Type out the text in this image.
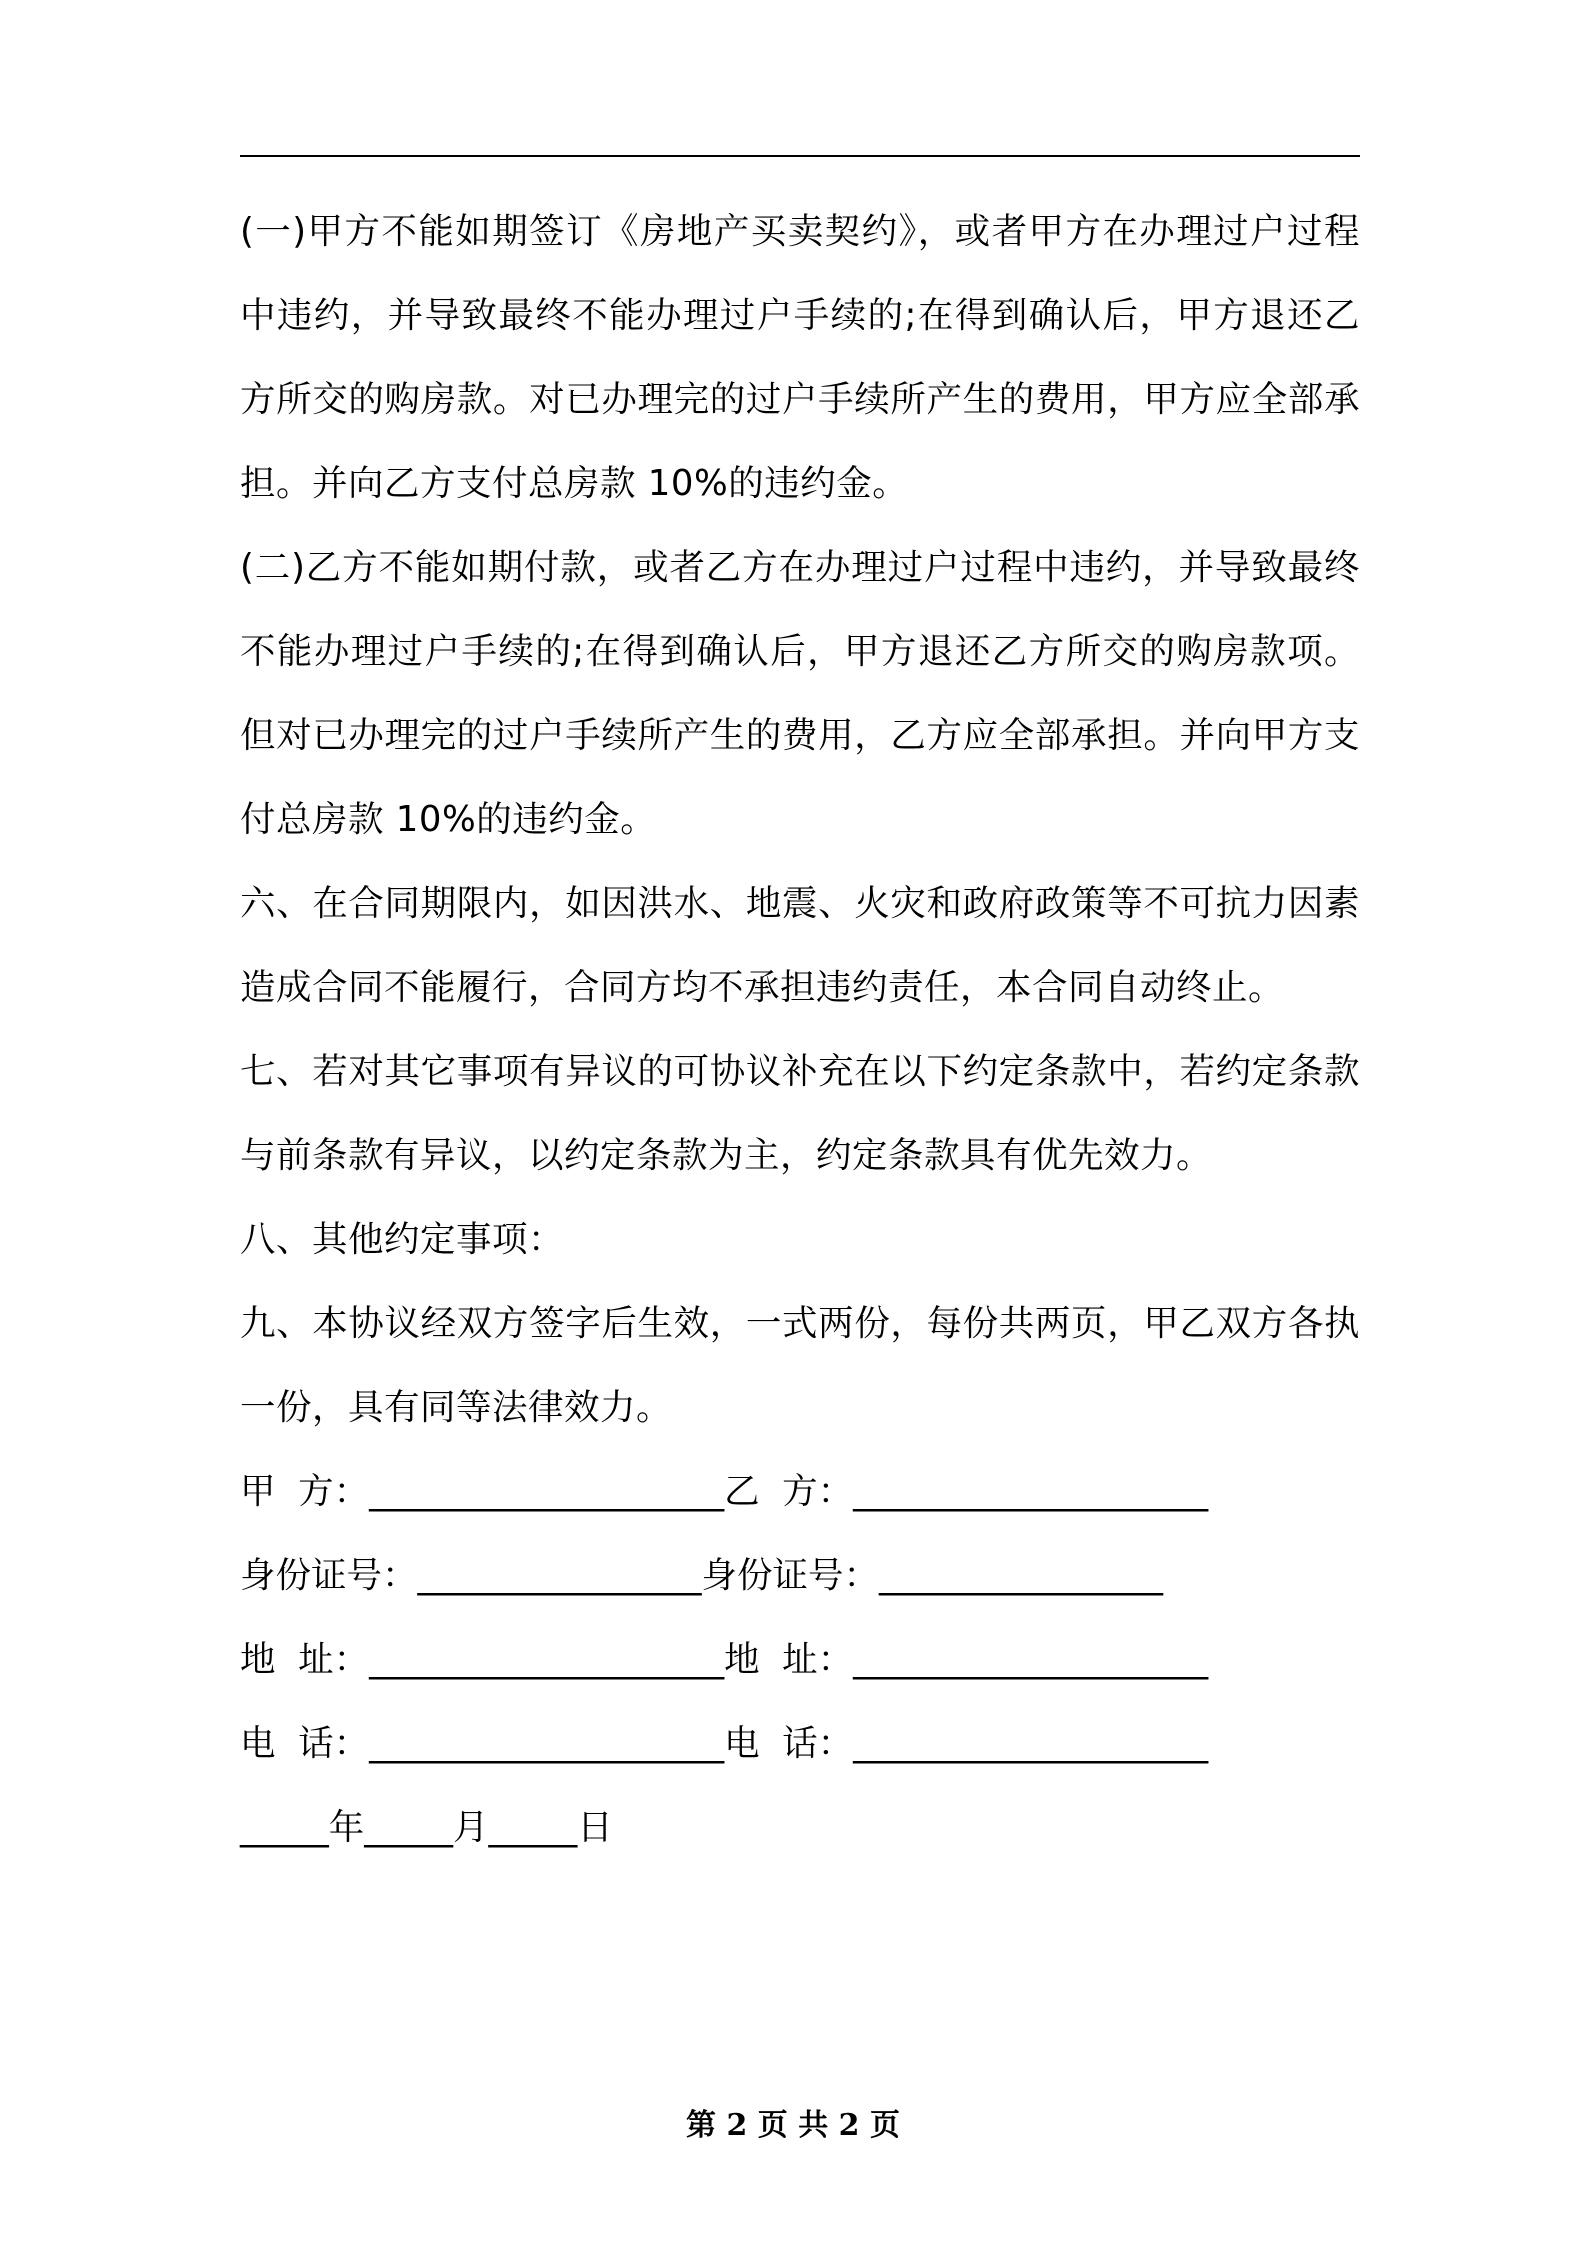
(一)甲方不能如期签订《房地产买卖契约》，或者甲方在办理过户过程中违约，并导致最终不能办理过户手续的;在得到确认后，甲方退还乙方所交的购房款。对已办理完的过户手续所产生的费用，甲方应全部承担。并向乙方支付总房款 10%的违约金。

(二)乙方不能如期付款，或者乙方在办理过户过程中违约，并导致最终不能办理过户手续的;在得到确认后，甲方退还乙方所交的购房款项。但对已办理完的过户手续所产生的费用，乙方应全部承担。并向甲方支付总房款 10%的违约金。

六、在合同期限内，如因洪水、地震、火灾和政府政策等不可抗力因素造成合同不能履行，合同方均不承担违约责任，本合同自动终止。

七、若对其它事项有异议的可协议补充在以下约定条款中，若约定条款与前条款有异议，以约定条款为主，约定条款具有优先效力。

八、其他约定事项：

九、本协议经双方签字后生效，一式两份，每份共两页，甲乙双方各执一份，具有同等法律效力。

甲  方：____________________乙  方：____________________
身份证号：________________身份证号：________________
地  址：____________________地  址：____________________
电  话：____________________电  话：____________________
_____年_____月_____日
第 2 页 共 2 页
